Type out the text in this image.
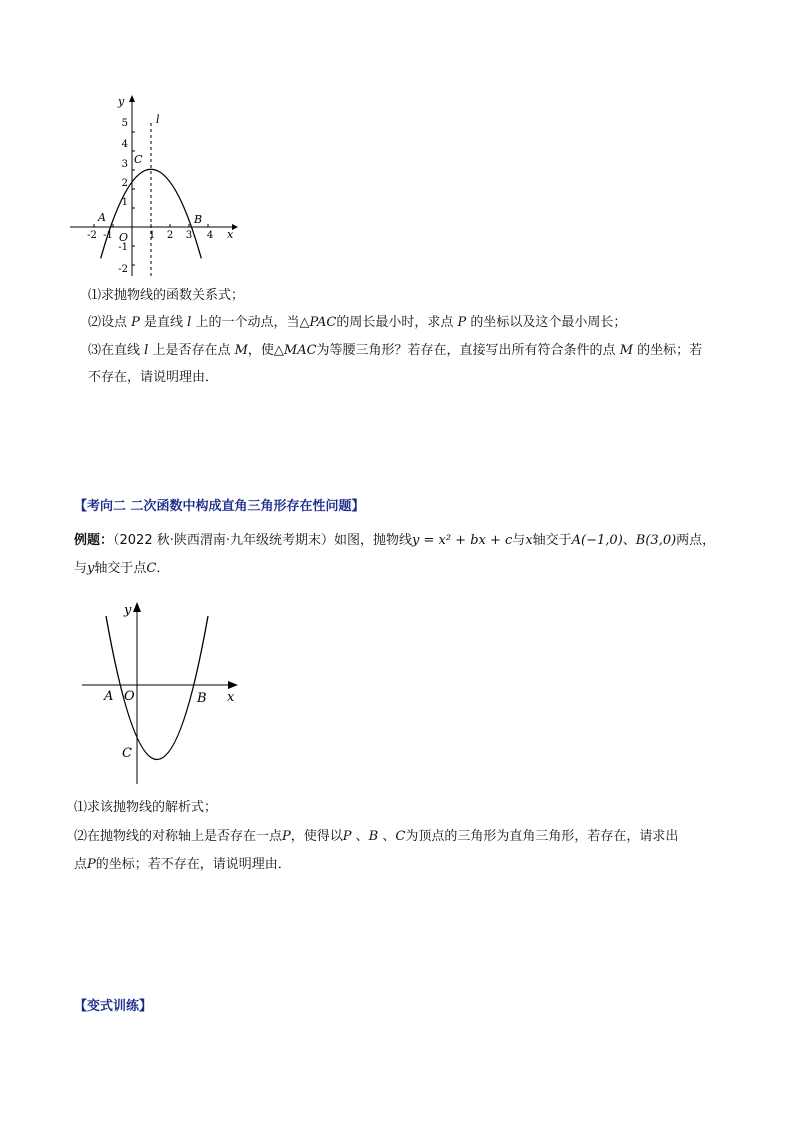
y
x
l
A	B
C
O
5
4
3
2
1
-1
-2
-2 -1	1 2 3 4
⑴求抛物线的函数关系式；
⑵设点 P 是直线 l 上的一个动点，当△PAC的周长最小时，求点 P 的坐标以及这个最小周长；
⑶在直线 l 上是否存在点 M，使△MAC为等腰三角形？若存在，直接写出所有符合条件的点 M 的坐标；若
不存在，请说明理由．
【考向二 二次函数中构成直角三角形存在性问题】
例题：（2022 秋·陕西渭南·九年级统考期末）如图，抛物线y = x² + bx + c与x轴交于A(−1,0)、B(3,0)两点，
与y轴交于点C．
y
x
A O	B
C
⑴求该抛物线的解析式；
⑵在抛物线的对称轴上是否存在一点P，使得以P 、B 、C为顶点的三角形为直角三角形，若存在，请求出
点P的坐标；若不存在，请说明理由．
【变式训练】
